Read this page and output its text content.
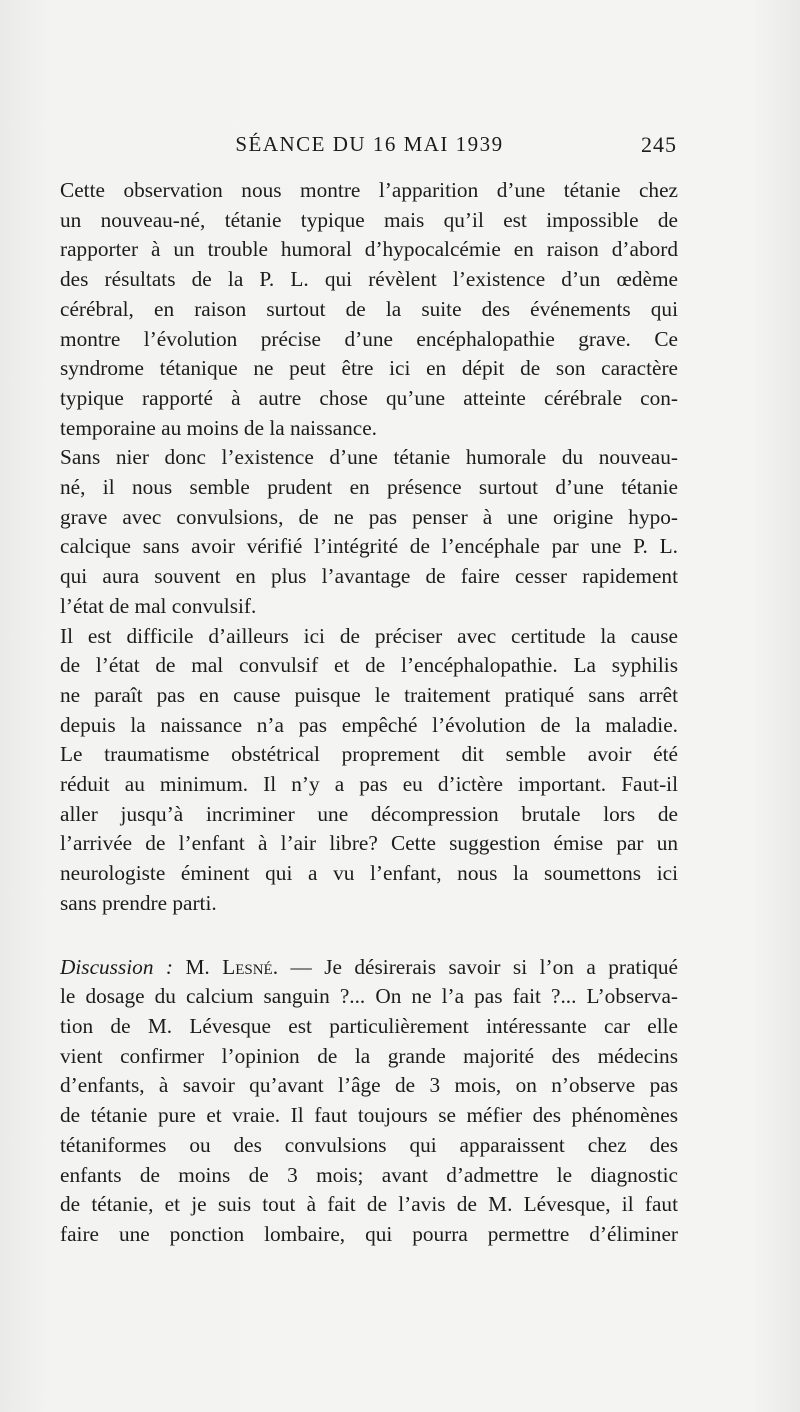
SÉANCE DU 16 MAI 1939	245
Cette observation nous montre l’apparition d’une tétanie chez
un nouveau-né, tétanie typique mais qu’il est impossible de
rapporter à un trouble humoral d’hypocalcémie en raison d’abord
des résultats de la P. L. qui révèlent l’existence d’un œdème
cérébral, en raison surtout de la suite des événements qui
montre l’évolution précise d’une encéphalopathie grave. Ce
syndrome tétanique ne peut être ici en dépit de son caractère
typique rapporté à autre chose qu’une atteinte cérébrale con-
temporaine au moins de la naissance.
Sans nier donc l’existence d’une tétanie humorale du nouveau-
né, il nous semble prudent en présence surtout d’une tétanie
grave avec convulsions, de ne pas penser à une origine hypo-
calcique sans avoir vérifié l’intégrité de l’encéphale par une P. L.
qui aura souvent en plus l’avantage de faire cesser rapidement
l’état de mal convulsif.
Il est difficile d’ailleurs ici de préciser avec certitude la cause
de l’état de mal convulsif et de l’encéphalopathie. La syphilis
ne paraît pas en cause puisque le traitement pratiqué sans arrêt
depuis la naissance n’a pas empêché l’évolution de la maladie.
Le traumatisme obstétrical proprement dit semble avoir été
réduit au minimum. Il n’y a pas eu d’ictère important. Faut-il
aller jusqu’à incriminer une décompression brutale lors de
l’arrivée de l’enfant à l’air libre? Cette suggestion émise par un
neurologiste éminent qui a vu l’enfant, nous la soumettons ici
sans prendre parti.
Discussion : M. Lesné. — Je désirerais savoir si l’on a pratiqué
le dosage du calcium sanguin ?... On ne l’a pas fait ?... L’observa-
tion de M. Lévesque est particulièrement intéressante car elle
vient confirmer l’opinion de la grande majorité des médecins
d’enfants, à savoir qu’avant l’âge de 3 mois, on n’observe pas
de tétanie pure et vraie. Il faut toujours se méfier des phénomènes
tétaniformes ou des convulsions qui apparaissent chez des
enfants de moins de 3 mois; avant d’admettre le diagnostic
de tétanie, et je suis tout à fait de l’avis de M. Lévesque, il faut
faire une ponction lombaire, qui pourra permettre d’éliminer
